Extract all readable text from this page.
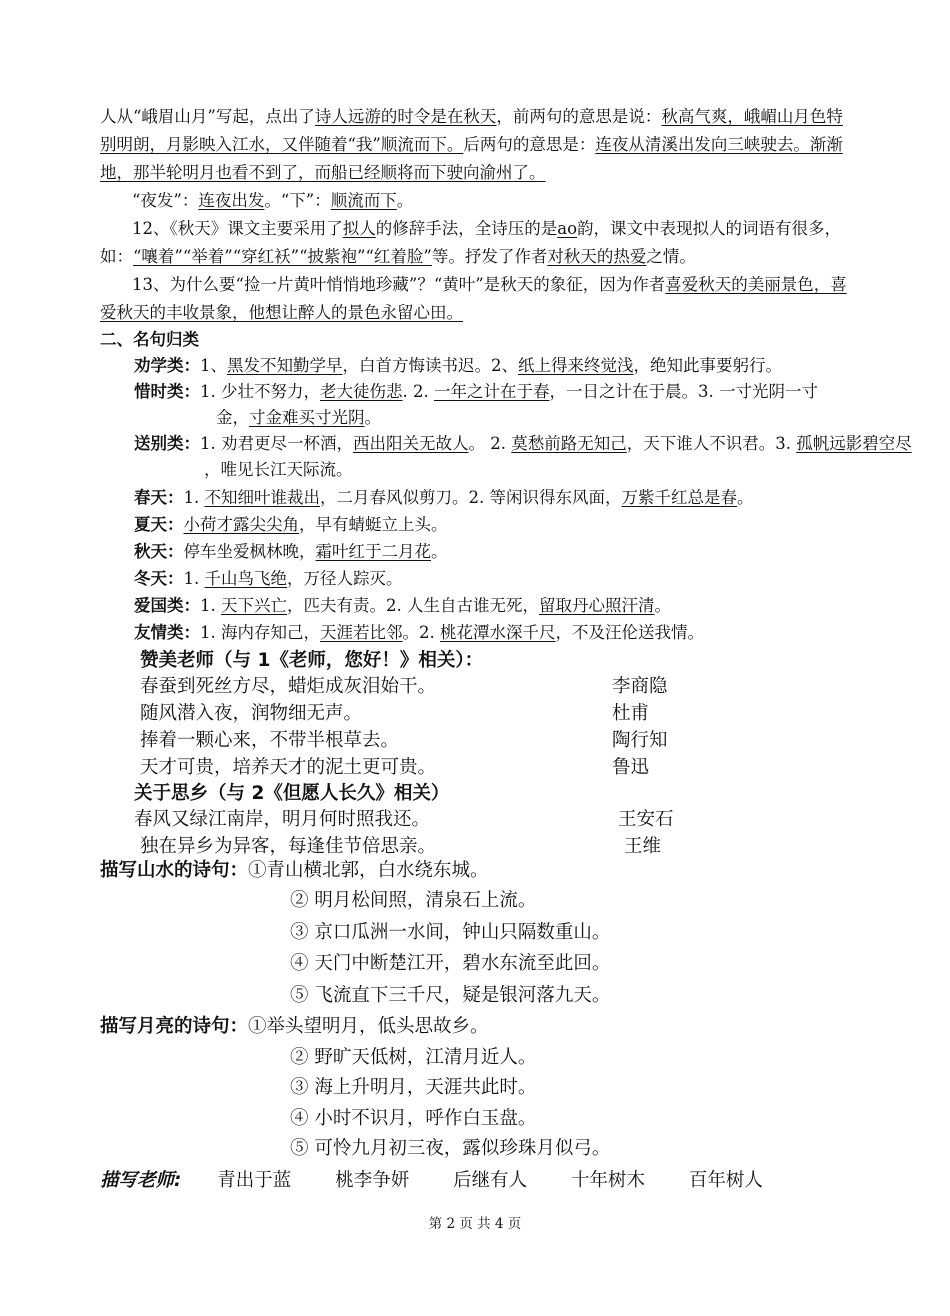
人从“峨眉山月”写起，点出了诗人远游的时令是在秋天，前两句的意思是说：秋高气爽，峨嵋山月色特别明朗，月影映入江水，又伴随着“我”顺流而下。后两句的意思是：连夜从清溪出发向三峡驶去。渐渐地，那半轮明月也看不到了，而船已经顺将而下驶向渝州了。
“夜发”：连夜出发。“下”：顺流而下。
12、《秋天》课文主要采用了拟人的修辞手法，全诗压的是ao韵，课文中表现拟人的词语有很多，如：“嚷着”“举着”“穿红袄”“披紫袍”“红着脸”等。抒发了作者对秋天的热爱之情。
13、为什么要“捡一片黄叶悄悄地珍藏”？“黄叶”是秋天的象征，因为作者喜爱秋天的美丽景色，喜爱秋天的丰收景象，他想让醉人的景色永留心田。
二、名句归类
劝学类：1、黑发不知勤学早，白首方悔读书迟。2、纸上得来终觉浅，绝知此事要躬行。
惜时类：1. 少壮不努力，老大徒伤悲. 2. 一年之计在于春，一日之计在于晨。3. 一寸光阴一寸
金，寸金难买寸光阴。
送别类：1. 劝君更尽一杯酒，西出阳关无故人。 2. 莫愁前路无知己，天下谁人不识君。3. 孤帆远影碧空尽
，唯见长江天际流。
春天：1. 不知细叶谁裁出，二月春风似剪刀。2. 等闲识得东风面，万紫千红总是春。
夏天：小荷才露尖尖角，早有蜻蜓立上头。
秋天：停车坐爱枫林晚，霜叶红于二月花。
冬天：1. 千山鸟飞绝，万径人踪灭。
爱国类：1. 天下兴亡，匹夫有责。2. 人生自古谁无死，留取丹心照汗清。
友情类：1. 海内存知己，天涯若比邻。2. 桃花潭水深千尺，不及汪伦送我情。
赞美老师（与 1《老师，您好！》相关）：
春蚕到死丝方尽，蜡炬成灰泪始干。	李商隐
随风潜入夜，润物细无声。	杜甫
捧着一颗心来，不带半根草去。	陶行知
天才可贵，培养天才的泥土更可贵。	鲁迅
关于思乡（与 2《但愿人长久》相关）
春风又绿江南岸，明月何时照我还。	王安石
独在异乡为异客，每逢佳节倍思亲。	王维
描写山水的诗句：①青山横北郭，白水绕东城。
② 明月松间照，清泉石上流。
③ 京口瓜洲一水间，钟山只隔数重山。
④ 天门中断楚江开，碧水东流至此回。
⑤ 飞流直下三千尺，疑是银河落九天。
描写月亮的诗句：①举头望明月，低头思故乡。
② 野旷天低树，江清月近人。
③ 海上升明月，天涯共此时。
④ 小时不识月，呼作白玉盘。
⑤ 可怜九月初三夜，露似珍珠月似弓。
描写老师: 青出于蓝 桃李争妍 后继有人 十年树木 百年树人
第 2 页 共 4 页
